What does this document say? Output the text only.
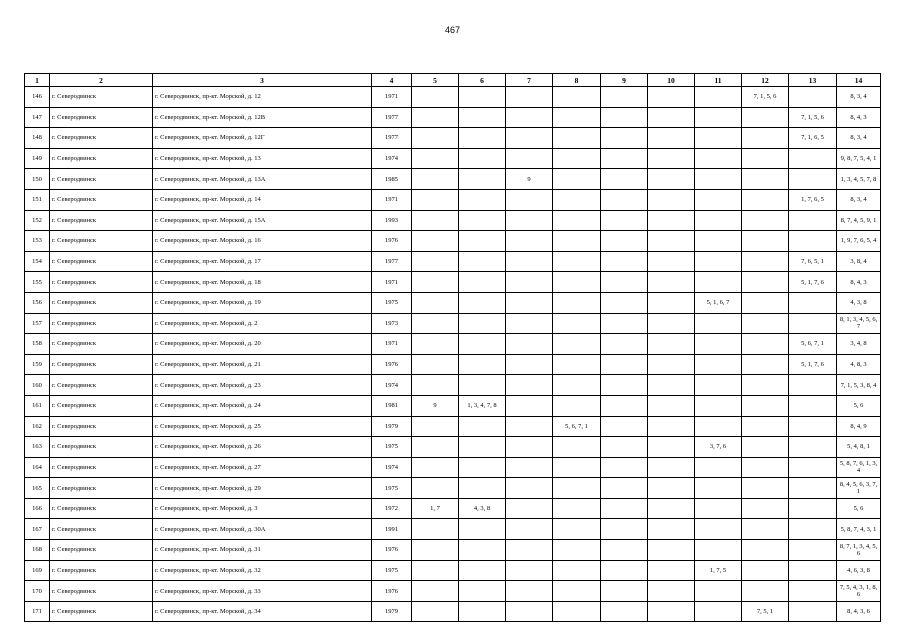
467
1	2	3	4	5	6	7	8	9	10	11	12	13	14
146	г. Северодвинск	г. Северодвинск, пр-кт. Морской, д. 12	1971								7, 1, 5, 6		8, 3, 4
147	г. Северодвинск	г. Северодвинск, пр-кт. Морской, д. 12В	1977									7, 1, 5, 6	8, 4, 3
148	г. Северодвинск	г. Северодвинск, пр-кт. Морской, д. 12Г	1977									7, 1, 6, 5	8, 3, 4
149	г. Северодвинск	г. Северодвинск, пр-кт. Морской, д. 13	1974										9, 8, 7, 5, 4, 1
150	г. Северодвинск	г. Северодвинск, пр-кт. Морской, д. 13А	1985			9							1, 3, 4, 5, 7, 8
151	г. Северодвинск	г. Северодвинск, пр-кт. Морской, д. 14	1971									1, 7, 6, 5	8, 3, 4
152	г. Северодвинск	г. Северодвинск, пр-кт. Морской, д. 15А	1993										8, 7, 4, 5, 9, 1
153	г. Северодвинск	г. Северодвинск, пр-кт. Морской, д. 16	1976										1, 9, 7, 6, 5, 4
154	г. Северодвинск	г. Северодвинск, пр-кт. Морской, д. 17	1977									7, 6, 5, 1	3, 8, 4
155	г. Северодвинск	г. Северодвинск, пр-кт. Морской, д. 18	1971									5, 1, 7, 6	8, 4, 3
156	г. Северодвинск	г. Северодвинск, пр-кт. Морской, д. 19	1975							5, 1, 6, 7			4, 3, 8
157	г. Северодвинск	г. Северодвинск, пр-кт. Морской, д. 2	1973										8, 1, 3, 4, 5, 6, 7
158	г. Северодвинск	г. Северодвинск, пр-кт. Морской, д. 20	1971									5, 6, 7, 1	3, 4, 8
159	г. Северодвинск	г. Северодвинск, пр-кт. Морской, д. 21	1976									5, 1, 7, 6	4, 8, 3
160	г. Северодвинск	г. Северодвинск, пр-кт. Морской, д. 23	1974										7, 1, 5, 3, 8, 4
161	г. Северодвинск	г. Северодвинск, пр-кт. Морской, д. 24	1981	9	1, 3, 4, 7, 8								5, 6
162	г. Северодвинск	г. Северодвинск, пр-кт. Морской, д. 25	1979				5, 6, 7, 1						8, 4, 9
163	г. Северодвинск	г. Северодвинск, пр-кт. Морской, д. 26	1975							3, 7, 6			5, 4, 8, 1
164	г. Северодвинск	г. Северодвинск, пр-кт. Морской, д. 27	1974										5, 8, 7, 6, 1, 3, 4
165	г. Северодвинск	г. Северодвинск, пр-кт. Морской, д. 29	1975										8, 4, 5, 6, 3, 7, 1
166	г. Северодвинск	г. Северодвинск, пр-кт. Морской, д. 3	1972	1, 7	4, 3, 8								5, 6
167	г. Северодвинск	г. Северодвинск, пр-кт. Морской, д. 30А	1991										5, 8, 7, 4, 3, 1
168	г. Северодвинск	г. Северодвинск, пр-кт. Морской, д. 31	1976										8, 7, 1, 3, 4, 5, 6
169	г. Северодвинск	г. Северодвинск, пр-кт. Морской, д. 32	1975							1, 7, 5			4, 6, 3, 8
170	г. Северодвинск	г. Северодвинск, пр-кт. Морской, д. 33	1976										7, 5, 4, 3, 1, 8, 6
171	г. Северодвинск	г. Северодвинск, пр-кт. Морской, д. 34	1979								7, 5, 1		8, 4, 3, 6
